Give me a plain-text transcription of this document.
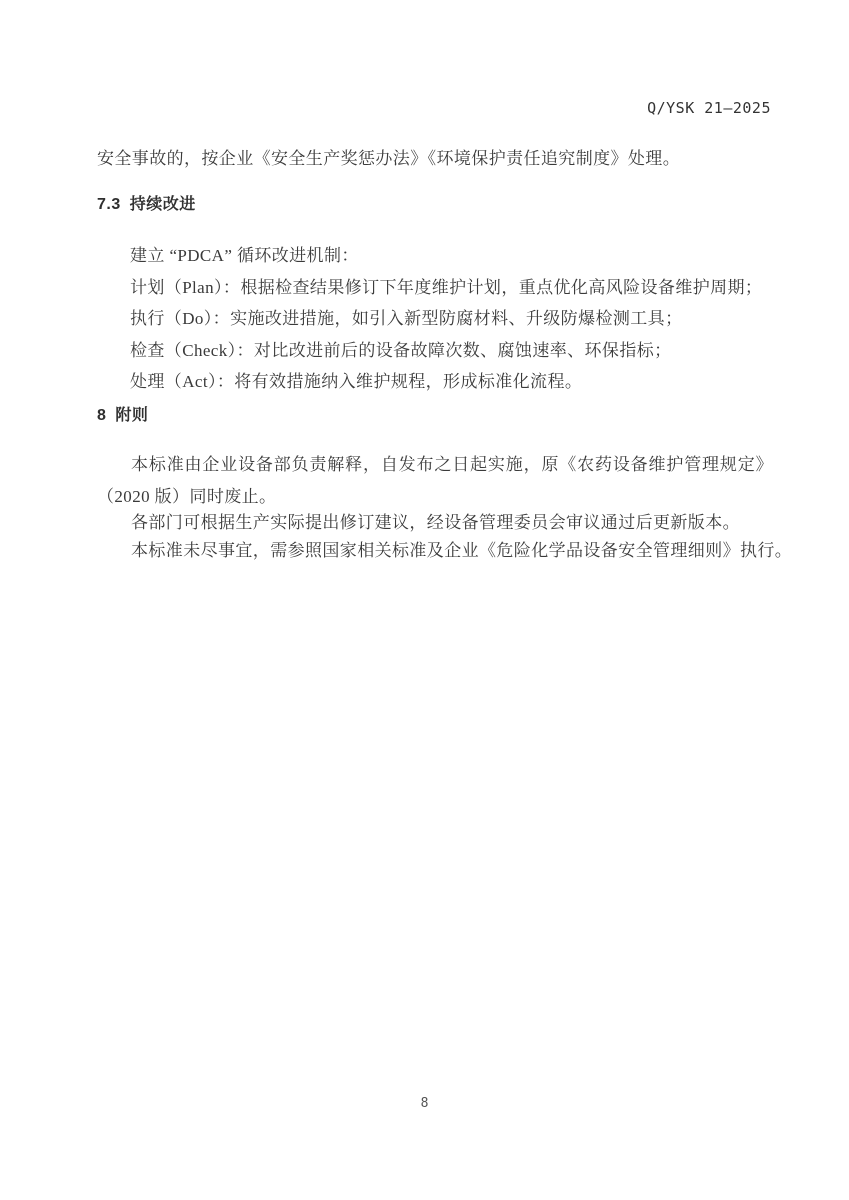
Q/YSK 21—2025

安全事故的，按企业《安全生产奖惩办法》《环境保护责任追究制度》处理。

7.3 持续改进

建立 “PDCA” 循环改进机制：

计划（Plan）：根据检查结果修订下年度维护计划，重点优化高风险设备维护周期；

执行（Do）：实施改进措施，如引入新型防腐材料、升级防爆检测工具；

检查（Check）：对比改进前后的设备故障次数、腐蚀速率、环保指标；

处理（Act）：将有效措施纳入维护规程，形成标准化流程。

8 附则

本标准由企业设备部负责解释，自发布之日起实施，原《农药设备维护管理规定》（2020 版）同时废止。

各部门可根据生产实际提出修订建议，经设备管理委员会审议通过后更新版本。

本标准未尽事宜，需参照国家相关标准及企业《危险化学品设备安全管理细则》执行。

8
